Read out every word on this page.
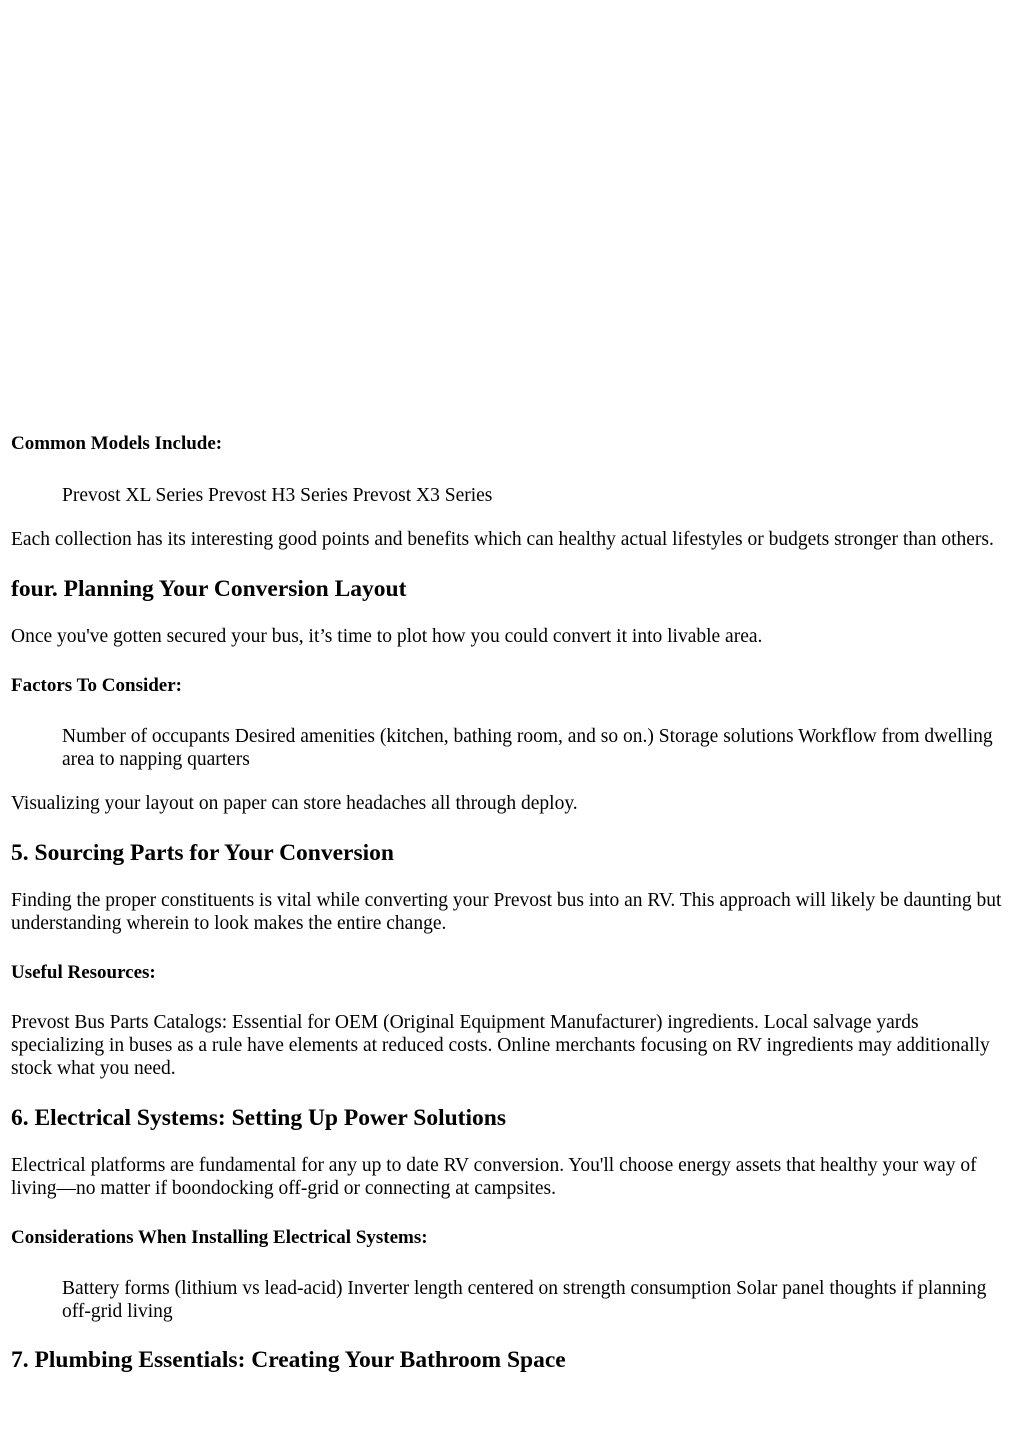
Common Models Include:

Prevost XL Series Prevost H3 Series Prevost X3 Series

Each collection has its interesting good points and benefits which can healthy actual lifestyles or budgets stronger than others.

four. Planning Your Conversion Layout

Once you've gotten secured your bus, it’s time to plot how you could convert it into livable area.

Factors To Consider:

Number of occupants Desired amenities (kitchen, bathing room, and so on.) Storage solutions Workflow from dwelling area to napping quarters

Visualizing your layout on paper can store headaches all through deploy.

5. Sourcing Parts for Your Conversion

Finding the proper constituents is vital while converting your Prevost bus into an RV. This approach will likely be daunting but understanding wherein to look makes the entire change.

Useful Resources:

Prevost Bus Parts Catalogs: Essential for OEM (Original Equipment Manufacturer) ingredients. Local salvage yards specializing in buses as a rule have elements at reduced costs. Online merchants focusing on RV ingredients may additionally stock what you need.

6. Electrical Systems: Setting Up Power Solutions

Electrical platforms are fundamental for any up to date RV conversion. You'll choose energy assets that healthy your way of living—no matter if boondocking off-grid or connecting at campsites.

Considerations When Installing Electrical Systems:

Battery forms (lithium vs lead-acid) Inverter length centered on strength consumption Solar panel thoughts if planning off-grid living

7. Plumbing Essentials: Creating Your Bathroom Space
